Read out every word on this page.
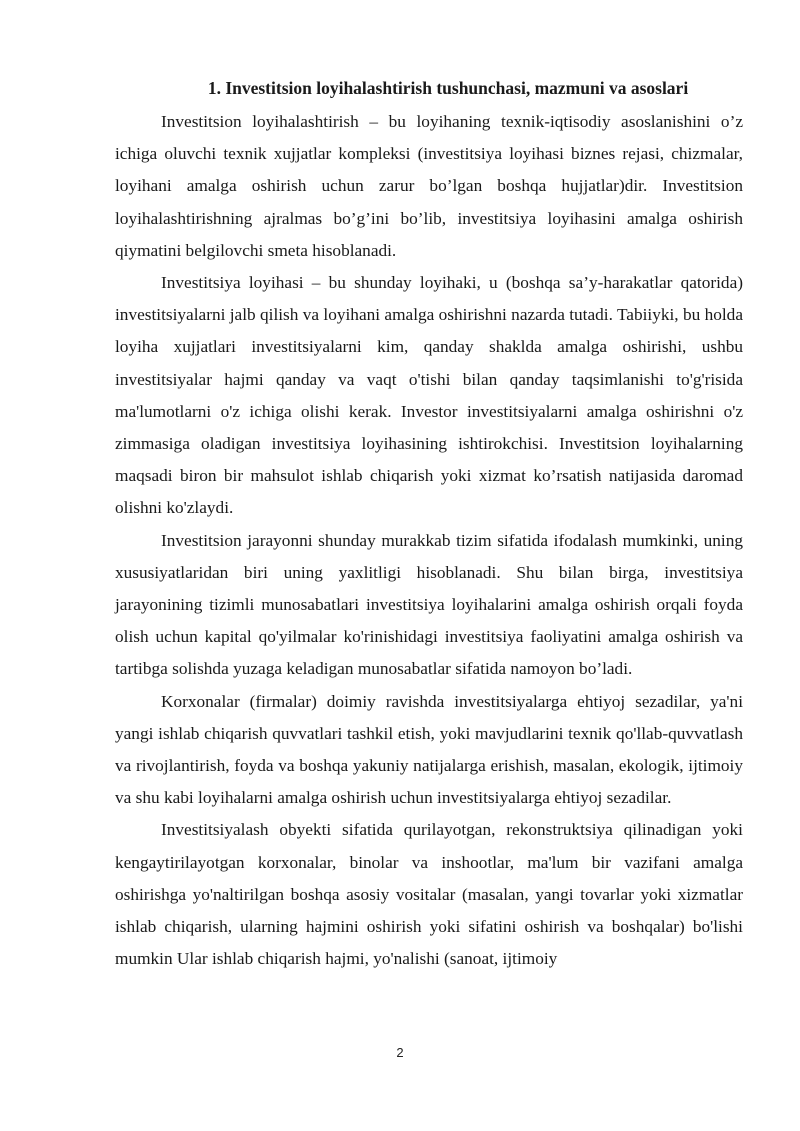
1. Investitsion loyihalashtirish tushunchasi, mazmuni va asoslari

Investitsion loyihalashtirish – bu loyihaning texnik-iqtisodiy asoslanishini o’z ichiga oluvchi texnik xujjatlar kompleksi (investitsiya loyihasi biznes rejasi, chizmalar, loyihani amalga oshirish uchun zarur bo’lgan boshqa hujjatlar)dir. Investitsion loyihalashtirishning ajralmas bo’g’ini bo’lib, investitsiya loyihasini amalga oshirish qiymatini belgilovchi smeta hisoblanadi.

Investitsiya loyihasi – bu shunday loyihaki, u (boshqa sa’y-harakatlar qatorida) investitsiyalarni jalb qilish va loyihani amalga oshirishni nazarda tutadi. Tabiiyki, bu holda loyiha xujjatlari investitsiyalarni kim, qanday shaklda amalga oshirishi, ushbu investitsiyalar hajmi qanday va vaqt o'tishi bilan qanday taqsimlanishi to'g'risida ma'lumotlarni o'z ichiga olishi kerak. Investor investitsiyalarni amalga oshirishni o'z zimmasiga oladigan investitsiya loyihasining ishtirokchisi. Investitsion loyihalarning maqsadi biron bir mahsulot ishlab chiqarish yoki xizmat ko’rsatish natijasida daromad olishni ko'zlaydi.

Investitsion jarayonni shunday murakkab tizim sifatida ifodalash mumkinki, uning xususiyatlaridan biri uning yaxlitligi hisoblanadi. Shu bilan birga, investitsiya jarayonining tizimli munosabatlari investitsiya loyihalarini amalga oshirish orqali foyda olish uchun kapital qo'yilmalar ko'rinishidagi investitsiya faoliyatini amalga oshirish va tartibga solishda yuzaga keladigan munosabatlar sifatida namoyon bo’ladi.

Korxonalar (firmalar) doimiy ravishda investitsiyalarga ehtiyoj sezadilar, ya'ni yangi ishlab chiqarish quvvatlari tashkil etish, yoki mavjudlarini texnik qo'llab-quvvatlash va rivojlantirish, foyda va boshqa yakuniy natijalarga erishish, masalan, ekologik, ijtimoiy va shu kabi loyihalarni amalga oshirish uchun investitsiyalarga ehtiyoj sezadilar.

Investitsiyalash obyekti sifatida qurilayotgan, rekonstruktsiya qilinadigan yoki kengaytirilayotgan korxonalar, binolar va inshootlar, ma'lum bir vazifani amalga oshirishga yo'naltirilgan boshqa asosiy vositalar (masalan, yangi tovarlar yoki xizmatlar ishlab chiqarish, ularning hajmini oshirish yoki sifatini oshirish va boshqalar) bo'lishi mumkin Ular ishlab chiqarish hajmi, yo'nalishi (sanoat, ijtimoiy

2
